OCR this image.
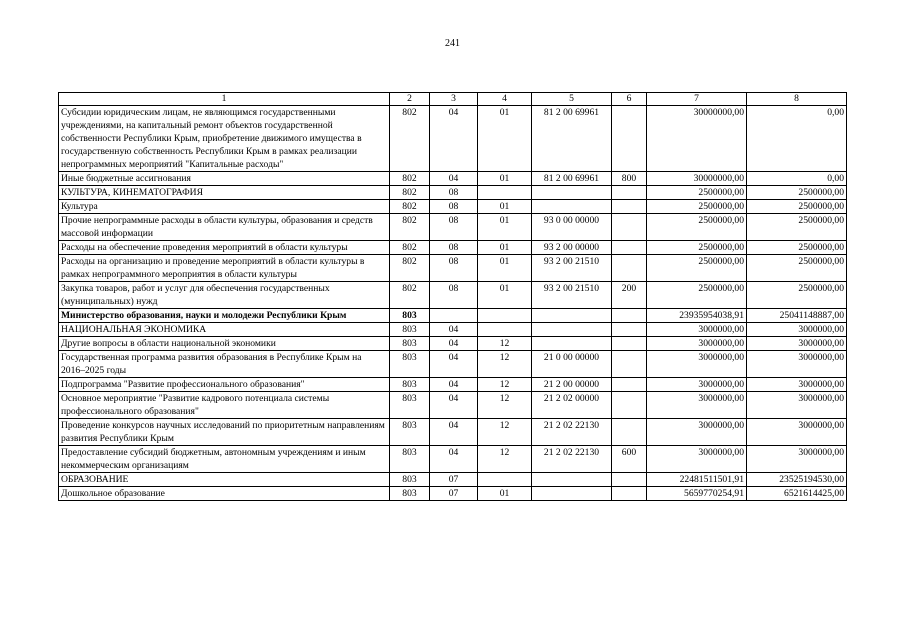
241
1	2	3	4	5	6	7	8
Субсидии юридическим лицам, не являющимся государственными учреждениями, на капитальный ремонт объектов государственной собственности Республики Крым, приобретение движимого имущества в государственную собственность Республики Крым в рамках реализации непрограммных мероприятий "Капитальные расходы"	802	04	01	81 2 00 69961		30000000,00	0,00
Иные бюджетные ассигнования	802	04	01	81 2 00 69961	800	30000000,00	0,00
КУЛЬТУРА, КИНЕМАТОГРАФИЯ	802	08				2500000,00	2500000,00
Культура	802	08	01			2500000,00	2500000,00
Прочие непрограммные расходы в области культуры, образования и средств массовой информации	802	08	01	93 0 00 00000		2500000,00	2500000,00
Расходы на обеспечение проведения мероприятий в области культуры	802	08	01	93 2 00 00000		2500000,00	2500000,00
Расходы на организацию и проведение мероприятий в области культуры в рамках непрограммного мероприятия в области культуры	802	08	01	93 2 00 21510		2500000,00	2500000,00
Закупка товаров, работ и услуг для обеспечения государственных (муниципальных) нужд	802	08	01	93 2 00 21510	200	2500000,00	2500000,00
Министерство образования, науки и молодежи Республики Крым	803					23935954038,91	25041148887,00
НАЦИОНАЛЬНАЯ ЭКОНОМИКА	803	04				3000000,00	3000000,00
Другие вопросы в области национальной экономики	803	04	12			3000000,00	3000000,00
Государственная программа развития образования в Республике Крым на 2016–2025 годы	803	04	12	21 0 00 00000		3000000,00	3000000,00
Подпрограмма "Развитие профессионального образования"	803	04	12	21 2 00 00000		3000000,00	3000000,00
Основное мероприятие "Развитие кадрового потенциала системы профессионального образования"	803	04	12	21 2 02 00000		3000000,00	3000000,00
Проведение конкурсов научных исследований по приоритетным направлениям развития Республики Крым	803	04	12	21 2 02 22130		3000000,00	3000000,00
Предоставление субсидий бюджетным, автономным учреждениям и иным некоммерческим организациям	803	04	12	21 2 02 22130	600	3000000,00	3000000,00
ОБРАЗОВАНИЕ	803	07				22481511501,91	23525194530,00
Дошкольное образование	803	07	01			5659770254,91	6521614425,00
